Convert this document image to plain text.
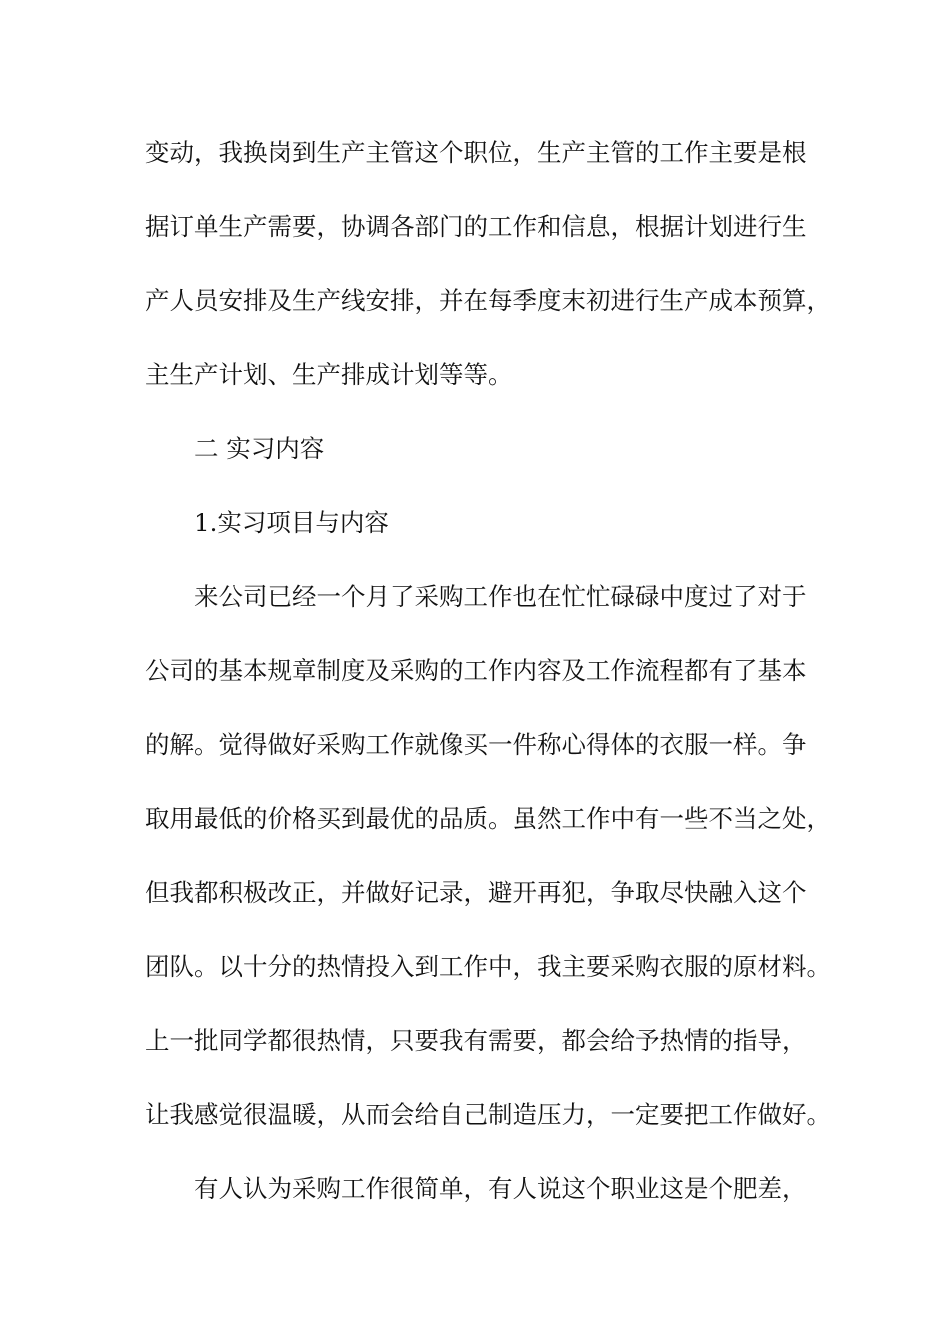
变动，我换岗到生产主管这个职位，生产主管的工作主要是根

据订单生产需要，协调各部门的工作和信息，根据计划进行生

产人员安排及生产线安排，并在每季度末初进行生产成本预算，

主生产计划、生产排成计划等等。

二 实习内容

1.实习项目与内容

来公司已经一个月了采购工作也在忙忙碌碌中度过了对于

公司的基本规章制度及采购的工作内容及工作流程都有了基本

的解。觉得做好采购工作就像买一件称心得体的衣服一样。争

取用最低的价格买到最优的品质。虽然工作中有一些不当之处，

但我都积极改正，并做好记录，避开再犯，争取尽快融入这个

团队。以十分的热情投入到工作中，我主要采购衣服的原材料。

上一批同学都很热情，只要我有需要，都会给予热情的指导，

让我感觉很温暖，从而会给自己制造压力，一定要把工作做好。

有人认为采购工作很简单，有人说这个职业这是个肥差，
